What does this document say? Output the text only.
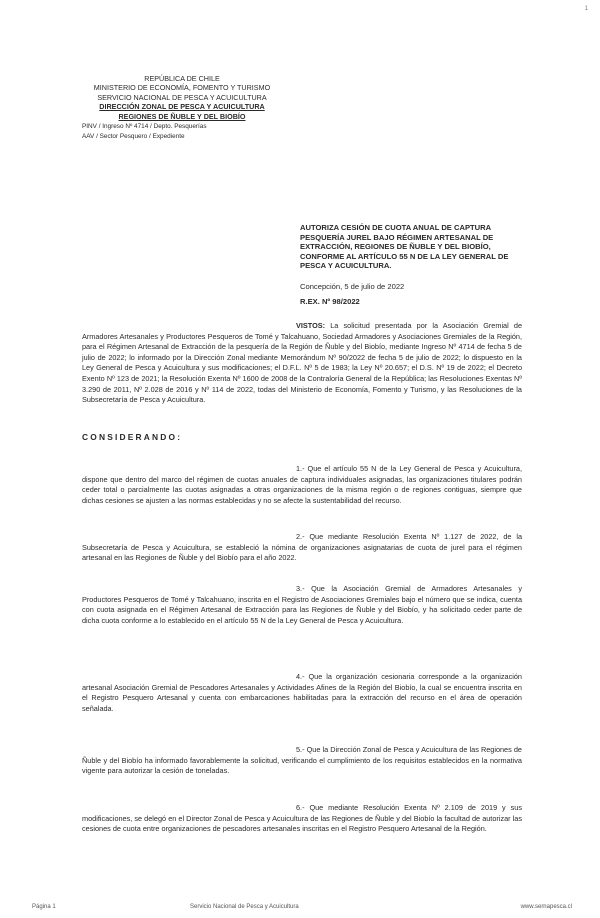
1
REPÚBLICA DE CHILE
MINISTERIO DE ECONOMÍA, FOMENTO Y TURISMO
SERVICIO NACIONAL DE PESCA Y ACUICULTURA
DIRECCIÓN ZONAL DE PESCA Y ACUICULTURA
REGIONES DE ÑUBLE Y DEL BIOBÍO
PINV / Ingreso Nº 4714 / Depto. Pesquerías
AAV / Sector Pesquero / Expediente
AUTORIZA CESIÓN DE CUOTA ANUAL DE CAPTURA PESQUERÍA JUREL BAJO RÉGIMEN ARTESANAL DE EXTRACCIÓN, REGIONES DE ÑUBLE Y DEL BIOBÍO, CONFORME AL ARTÍCULO 55 N DE LA LEY GENERAL DE PESCA Y ACUICULTURA.
Concepción, 5 de julio de 2022
R.EX. Nº 98/2022
VISTOS: La solicitud presentada por la Asociación Gremial de Armadores Artesanales y Productores Pesqueros de Tomé y Talcahuano, Sociedad Armadores y Asociaciones Gremiales de la Región, para el Régimen Artesanal de Extracción de la pesquería de la Región de Ñuble y del Biobío, mediante Ingreso Nº 4714 de fecha 5 de julio de 2022; lo informado por la Dirección Zonal mediante Memorándum Nº 90/2022 de fecha 5 de julio de 2022; lo dispuesto en la Ley General de Pesca y Acuicultura y sus modificaciones; el D.F.L. Nº 5 de 1983; la Ley Nº 20.657; el D.S. Nº 19 de 2022; el Decreto Exento Nº 123 de 2021; la Resolución Exenta Nº 1600 de 2008 de la Contraloría General de la República; las Resoluciones Exentas Nº 3.290 de 2011, Nº 2.028 de 2016 y Nº 114 de 2022, todas del Ministerio de Economía, Fomento y Turismo, y las Resoluciones de la Subsecretaría de Pesca y Acuicultura.
CONSIDERANDO:
1.- Que el artículo 55 N de la Ley General de Pesca y Acuicultura, dispone que dentro del marco del régimen de cuotas anuales de captura individuales asignadas, las organizaciones titulares podrán ceder total o parcialmente las cuotas asignadas a otras organizaciones de la misma región o de regiones contiguas, siempre que dichas cesiones se ajusten a las normas establecidas y no se afecte la sustentabilidad del recurso.
2.- Que mediante Resolución Exenta Nº 1.127 de 2022, de la Subsecretaría de Pesca y Acuicultura, se estableció la nómina de organizaciones asignatarias de cuota de jurel para el régimen artesanal en las Regiones de Ñuble y del Biobío para el año 2022.
3.- Que la Asociación Gremial de Armadores Artesanales y Productores Pesqueros de Tomé y Talcahuano, inscrita en el Registro de Asociaciones Gremiales bajo el número que se indica, cuenta con cuota asignada en el Régimen Artesanal de Extracción para las Regiones de Ñuble y del Biobío, y ha solicitado ceder parte de dicha cuota conforme a lo establecido en el artículo 55 N de la Ley General de Pesca y Acuicultura.
4.- Que la organización cesionaria corresponde a la organización artesanal Asociación Gremial de Pescadores Artesanales y Actividades Afines de la Región del Biobío, la cual se encuentra inscrita en el Registro Pesquero Artesanal y cuenta con embarcaciones habilitadas para la extracción del recurso en el área de operación señalada.
5.- Que la Dirección Zonal de Pesca y Acuicultura de las Regiones de Ñuble y del Biobío ha informado favorablemente la solicitud, verificando el cumplimiento de los requisitos establecidos en la normativa vigente para autorizar la cesión de toneladas.
6.- Que mediante Resolución Exenta Nº 2.109 de 2019 y sus modificaciones, se delegó en el Director Zonal de Pesca y Acuicultura de las Regiones de Ñuble y del Biobío la facultad de autorizar las cesiones de cuota entre organizaciones de pescadores artesanales inscritas en el Registro Pesquero Artesanal de la Región.
Página 1	Servicio Nacional de Pesca y Acuicultura	www.sernapesca.cl
